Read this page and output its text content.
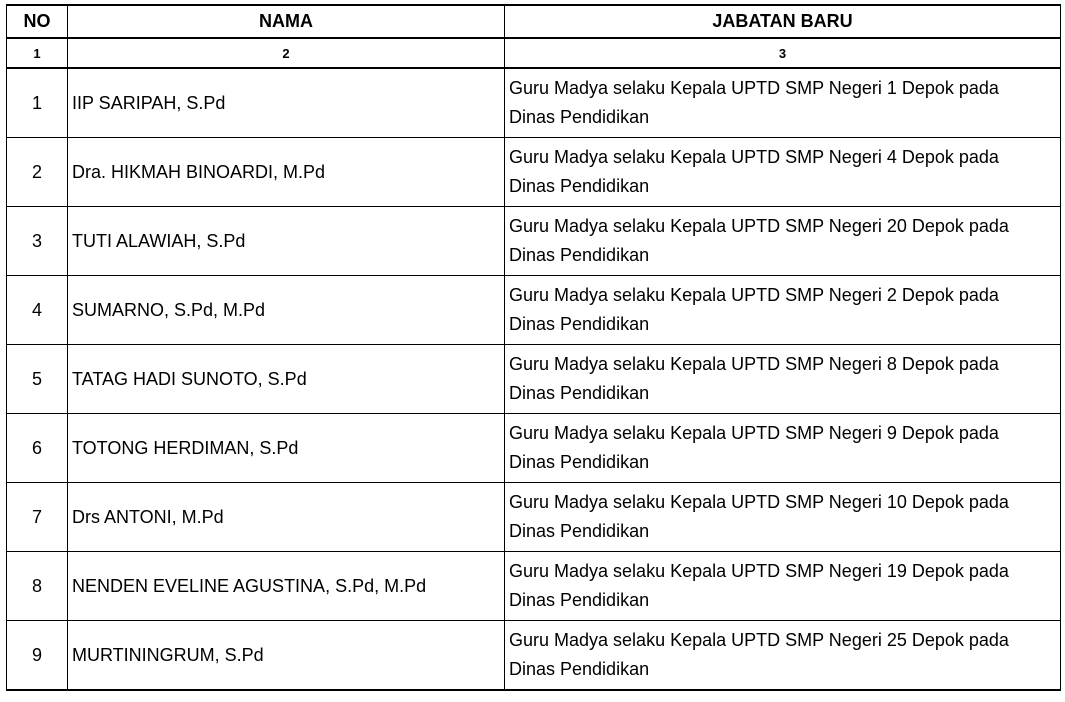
NO	NAMA	JABATAN BARU
1	2	3
1	IIP SARIPAH, S.Pd	Guru Madya selaku Kepala UPTD SMP Negeri 1 Depok pada
Dinas Pendidikan

2	Dra. HIKMAH BINOARDI, M.Pd	Guru Madya selaku Kepala UPTD SMP Negeri 4 Depok pada
Dinas Pendidikan

3	TUTI ALAWIAH, S.Pd	Guru Madya selaku Kepala UPTD SMP Negeri 20 Depok pada
Dinas Pendidikan

4	SUMARNO, S.Pd, M.Pd	Guru Madya selaku Kepala UPTD SMP Negeri 2 Depok pada
Dinas Pendidikan

5	TATAG HADI SUNOTO, S.Pd	Guru Madya selaku Kepala UPTD SMP Negeri 8 Depok pada
Dinas Pendidikan

6	TOTONG HERDIMAN, S.Pd	Guru Madya selaku Kepala UPTD SMP Negeri 9 Depok pada
Dinas Pendidikan

7	Drs ANTONI, M.Pd	Guru Madya selaku Kepala UPTD SMP Negeri 10 Depok pada
Dinas Pendidikan

8	NENDEN EVELINE AGUSTINA, S.Pd, M.Pd	Guru Madya selaku Kepala UPTD SMP Negeri 19 Depok pada
Dinas Pendidikan

9	MURTININGRUM, S.Pd	Guru Madya selaku Kepala UPTD SMP Negeri 25 Depok pada
Dinas Pendidikan
